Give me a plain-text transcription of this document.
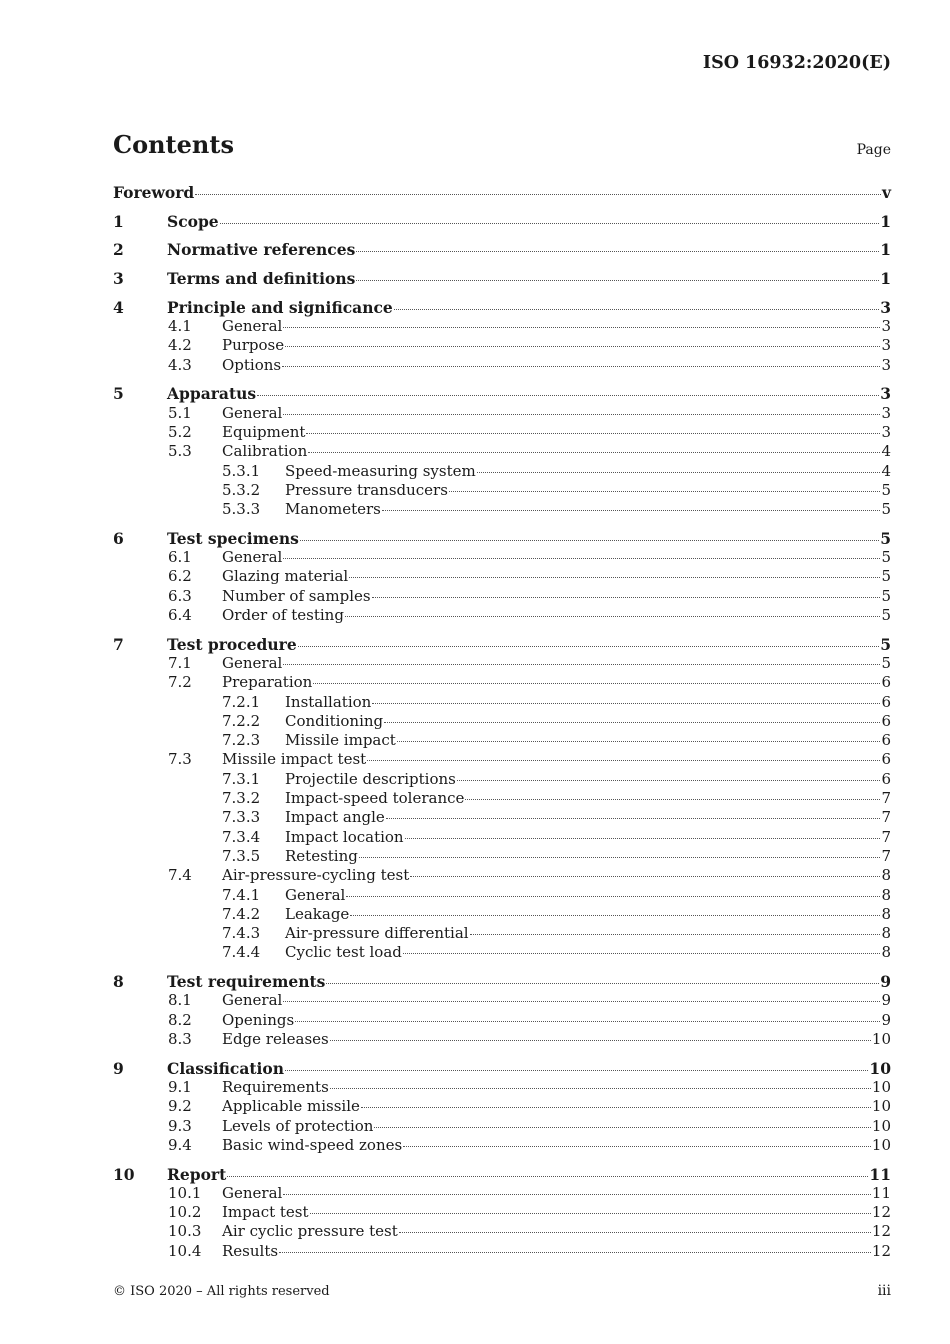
ISO 16932:2020(E)
Contents	Page
Foreword	v
1	Scope	1
2	Normative references	1
3	Terms and definitions	1
4	Principle and significance	3
4.1 General	3
4.2 Purpose	3
4.3 Options	3
5	Apparatus	3
5.1 General	3
5.2 Equipment	3
5.3 Calibration	4
5.3.1 Speed-measuring system	4
5.3.2 Pressure transducers	5
5.3.3 Manometers	5
6	Test specimens	5
6.1 General	5
6.2 Glazing material	5
6.3 Number of samples	5
6.4 Order of testing	5
7	Test procedure	5
7.1 General	5
7.2 Preparation	6
7.2.1 Installation	6
7.2.2 Conditioning	6
7.2.3 Missile impact	6
7.3 Missile impact test	6
7.3.1 Projectile descriptions	6
7.3.2 Impact-speed tolerance	7
7.3.3 Impact angle	7
7.3.4 Impact location	7
7.3.5 Retesting	7
7.4 Air-pressure-cycling test	8
7.4.1 General	8
7.4.2 Leakage	8
7.4.3 Air-pressure differential	8
7.4.4 Cyclic test load	8
8	Test requirements	9
8.1 General	9
8.2 Openings	9
8.3 Edge releases	10
9	Classification	10
9.1 Requirements	10
9.2 Applicable missile	10
9.3 Levels of protection	10
9.4 Basic wind-speed zones	10
10 Report	11
10.1 General	11
10.2 Impact test	12
10.3 Air cyclic pressure test	12
10.4 Results	12
© ISO 2020 – All rights reserved	iii
